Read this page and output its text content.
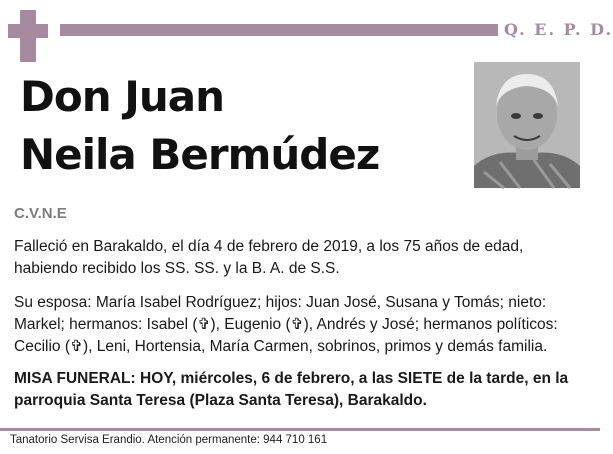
Q. E. P. D.
Don Juan
Neila Bermúdez
C.V.N.E
Falleció en Barakaldo, el día 4 de febrero de 2019, a los 75 años de edad, habiendo recibido los SS. SS. y la B. A. de S.S.
Su esposa: María Isabel Rodríguez; hijos: Juan José, Susana y Tomás; nieto: Markel; hermanos: Isabel (✞), Eugenio (✞), Andrés y José; hermanos políticos: Cecilio (✞), Leni, Hortensia, María Carmen, sobrinos, primos y demás familia.
MISA FUNERAL: HOY, miércoles, 6 de febrero, a las SIETE de la tarde, en la parroquia Santa Teresa (Plaza Santa Teresa), Barakaldo.
Tanatorio Servisa Erandio. Atención permanente: 944 710 161
